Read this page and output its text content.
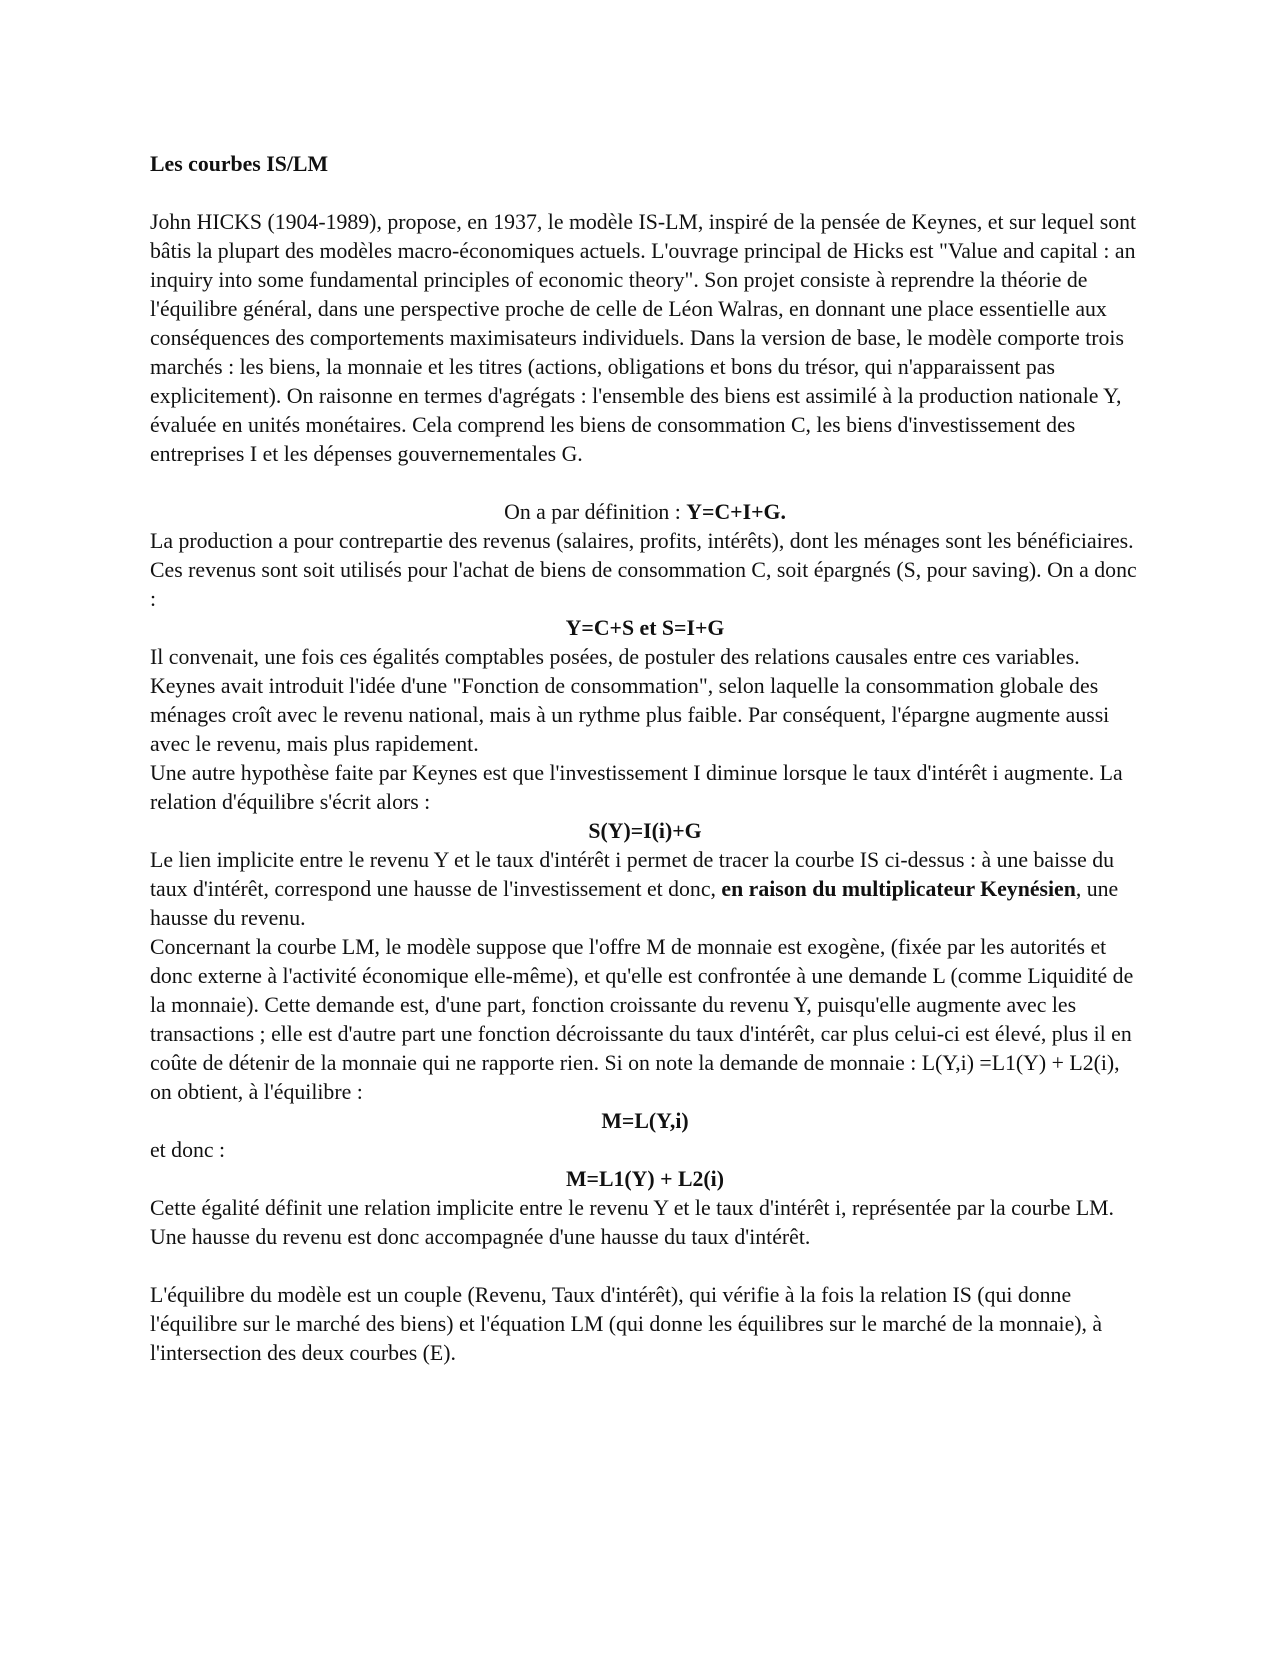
Les courbes IS/LM

John HICKS (1904-1989), propose, en 1937, le modèle IS-LM, inspiré de la pensée de Keynes, et sur lequel sont bâtis la plupart des modèles macro-économiques actuels. L'ouvrage principal de Hicks est "Value and capital : an inquiry into some fundamental principles of economic theory". Son projet consiste à reprendre la théorie de l'équilibre général, dans une perspective proche de celle de Léon Walras, en donnant une place essentielle aux conséquences des comportements maximisateurs individuels. Dans la version de base, le modèle comporte trois marchés : les biens, la monnaie et les titres (actions, obligations et bons du trésor, qui n'apparaissent pas explicitement). On raisonne en termes d'agrégats : l'ensemble des biens est assimilé à la production nationale Y, évaluée en unités monétaires. Cela comprend les biens de consommation C, les biens d'investissement des entreprises I et les dépenses gouvernementales G.

On a par définition : Y=C+I+G.

La production a pour contrepartie des revenus (salaires, profits, intérêts), dont les ménages sont les bénéficiaires. Ces revenus sont soit utilisés pour l'achat de biens de consommation C, soit épargnés (S, pour saving). On a donc :

Y=C+S et S=I+G

Il convenait, une fois ces égalités comptables posées, de postuler des relations causales entre ces variables. Keynes avait introduit l'idée d'une "Fonction de consommation", selon laquelle la consommation globale des ménages croît avec le revenu national, mais à un rythme plus faible. Par conséquent, l'épargne augmente aussi avec le revenu, mais plus rapidement.

Une autre hypothèse faite par Keynes est que l'investissement I diminue lorsque le taux d'intérêt i augmente. La relation d'équilibre s'écrit alors :

S(Y)=I(i)+G

Le lien implicite entre le revenu Y et le taux d'intérêt i permet de tracer la courbe IS ci-dessus : à une baisse du taux d'intérêt, correspond une hausse de l'investissement et donc, en raison du multiplicateur Keynésien, une hausse du revenu.

Concernant la courbe LM, le modèle suppose que l'offre M de monnaie est exogène, (fixée par les autorités et donc externe à l'activité économique elle-même), et qu'elle est confrontée à une demande L (comme Liquidité de la monnaie). Cette demande est, d'une part, fonction croissante du revenu Y, puisqu'elle augmente avec les transactions ; elle est d'autre part une fonction décroissante du taux d'intérêt, car plus celui-ci est élevé, plus il en coûte de détenir de la monnaie qui ne rapporte rien. Si on note la demande de monnaie : L(Y,i) =L1(Y) + L2(i), on obtient, à l'équilibre :

M=L(Y,i)

et donc :

M=L1(Y) + L2(i)

Cette égalité définit une relation implicite entre le revenu Y et le taux d'intérêt i, représentée par la courbe LM. Une hausse du revenu est donc accompagnée d'une hausse du taux d'intérêt.

L'équilibre du modèle est un couple (Revenu, Taux d'intérêt), qui vérifie à la fois la relation IS (qui donne l'équilibre sur le marché des biens) et l'équation LM (qui donne les équilibres sur le marché de la monnaie), à l'intersection des deux courbes (E).
